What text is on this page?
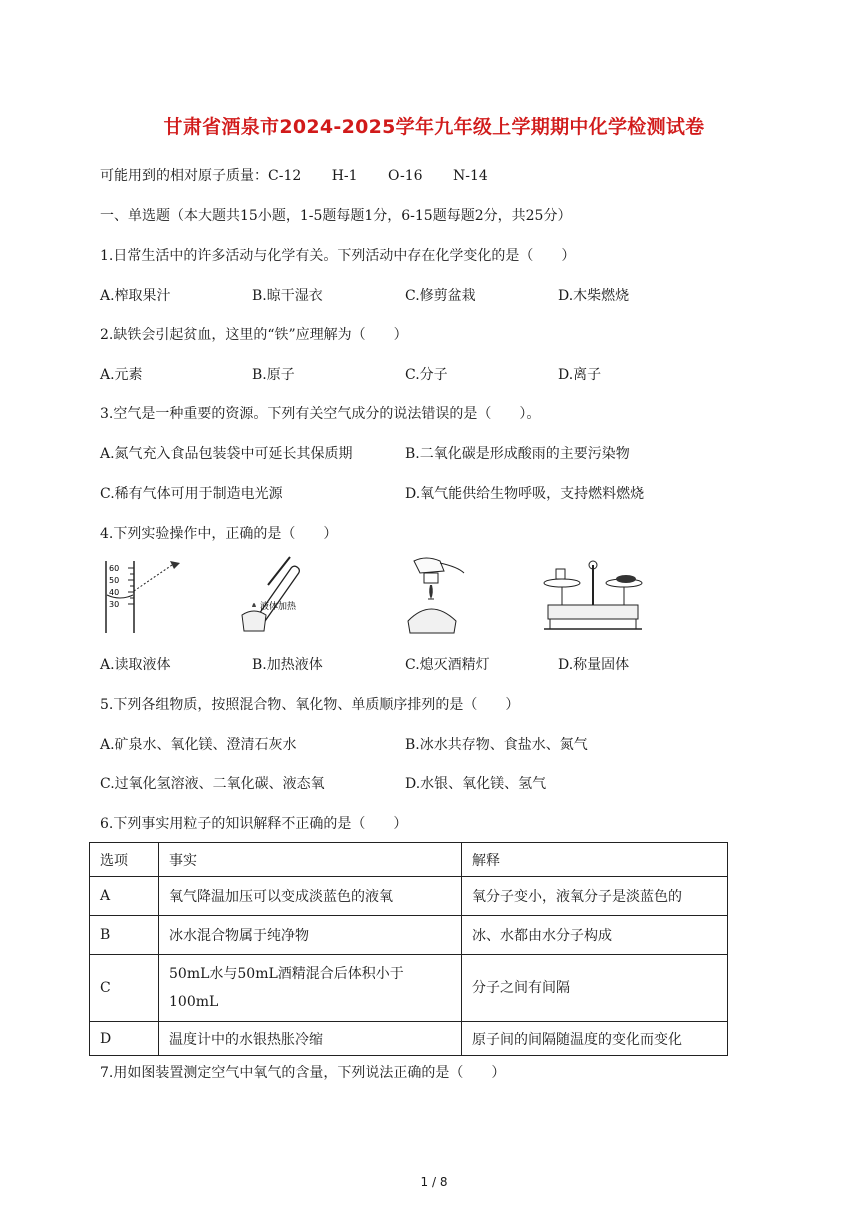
甘肃省酒泉市2024-2025学年九年级上学期期中化学检测试卷
可能用到的相对原子质量：C-12 H-1 O-16 N-14
一、单选题（本大题共15小题，1-5题每题1分，6-15题每题2分，共25分）
1.日常生活中的许多活动与化学有关。下列活动中存在化学变化的是（　　）
A.榨取果汁	B.晾干湿衣	C.修剪盆栽	D.木柴燃烧
2.缺铁会引起贫血，这里的“铁”应理解为（　　）
A.元素	B.原子	C.分子	D.离子
3.空气是一种重要的资源。下列有关空气成分的说法错误的是（　　）。
A.氮气充入食品包装袋中可延长其保质期	B.二氧化碳是形成酸雨的主要污染物
C.稀有气体可用于制造电光源	D.氧气能供给生物呼吸，支持燃料燃烧
4.下列实验操作中，正确的是（　　）
60
50
40
30	液体加热
A.读取液体	B.加热液体	C.熄灭酒精灯	D.称量固体
5.下列各组物质，按照混合物、氧化物、单质顺序排列的是（　　）
A.矿泉水、氧化镁、澄清石灰水	B.冰水共存物、食盐水、氮气
C.过氧化氢溶液、二氧化碳、液态氧	D.水银、氧化镁、氢气
6.下列事实用粒子的知识解释不正确的是（　　）
选项	事实	解释
A	氧气降温加压可以变成淡蓝色的液氧	氧分子变小，液氧分子是淡蓝色的
B	冰水混合物属于纯净物	冰、水都由水分子构成
C	50mL水与50mL酒精混合后体积小于100mL	分子之间有间隔
D	温度计中的水银热胀冷缩	原子间的间隔随温度的变化而变化
7.用如图装置测定空气中氧气的含量，下列说法正确的是（　　）
1 / 8
